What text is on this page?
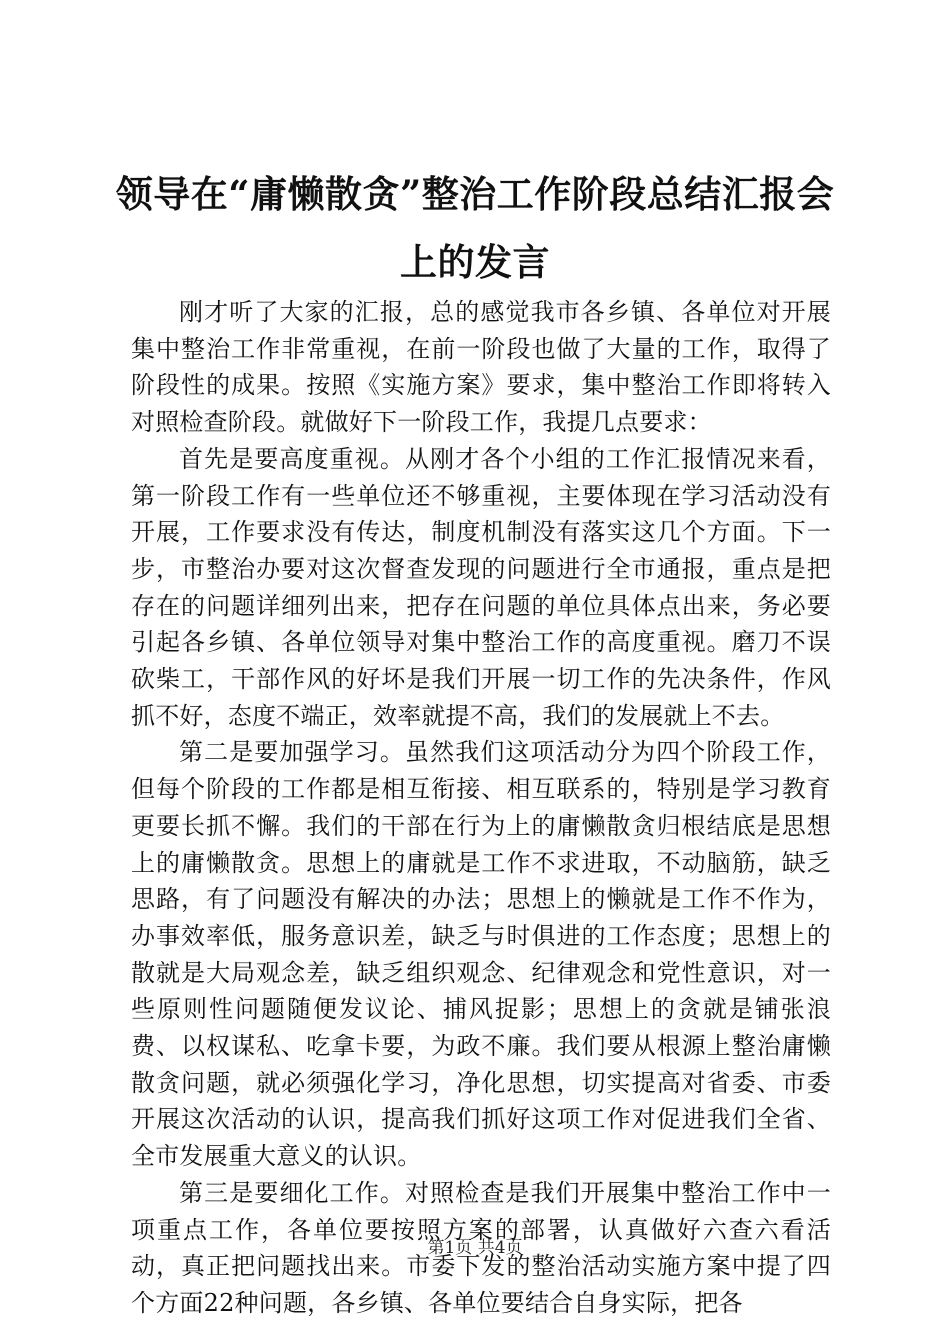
领导在“庸懒散贪”整治工作阶段总结汇报会上的发言

刚才听了大家的汇报，总的感觉我市各乡镇、各单位对开展集中整治工作非常重视，在前一阶段也做了大量的工作，取得了阶段性的成果。按照《实施方案》要求，集中整治工作即将转入对照检查阶段。就做好下一阶段工作，我提几点要求：

首先是要高度重视。从刚才各个小组的工作汇报情况来看，第一阶段工作有一些单位还不够重视，主要体现在学习活动没有开展，工作要求没有传达，制度机制没有落实这几个方面。下一步，市整治办要对这次督查发现的问题进行全市通报，重点是把存在的问题详细列出来，把存在问题的单位具体点出来，务必要引起各乡镇、各单位领导对集中整治工作的高度重视。磨刀不误砍柴工，干部作风的好坏是我们开展一切工作的先决条件，作风抓不好，态度不端正，效率就提不高，我们的发展就上不去。

第二是要加强学习。虽然我们这项活动分为四个阶段工作，但每个阶段的工作都是相互衔接、相互联系的，特别是学习教育更要长抓不懈。我们的干部在行为上的庸懒散贪归根结底是思想上的庸懒散贪。思想上的庸就是工作不求进取，不动脑筋，缺乏思路，有了问题没有解决的办法；思想上的懒就是工作不作为，办事效率低，服务意识差，缺乏与时俱进的工作态度；思想上的散就是大局观念差，缺乏组织观念、纪律观念和党性意识，对一些原则性问题随便发议论、捕风捉影；思想上的贪就是铺张浪费、以权谋私、吃拿卡要，为政不廉。我们要从根源上整治庸懒散贪问题，就必须强化学习，净化思想，切实提高对省委、市委开展这次活动的认识，提高我们抓好这项工作对促进我们全省、全市发展重大意义的认识。

第三是要细化工作。对照检查是我们开展集中整治工作中一项重点工作，各单位要按照方案的部署，认真做好六查六看活动，真正把问题找出来。市委下发的整治活动实施方案中提了四个方面22种问题，各乡镇、各单位要结合自身实际，把各

第1页 共4页
